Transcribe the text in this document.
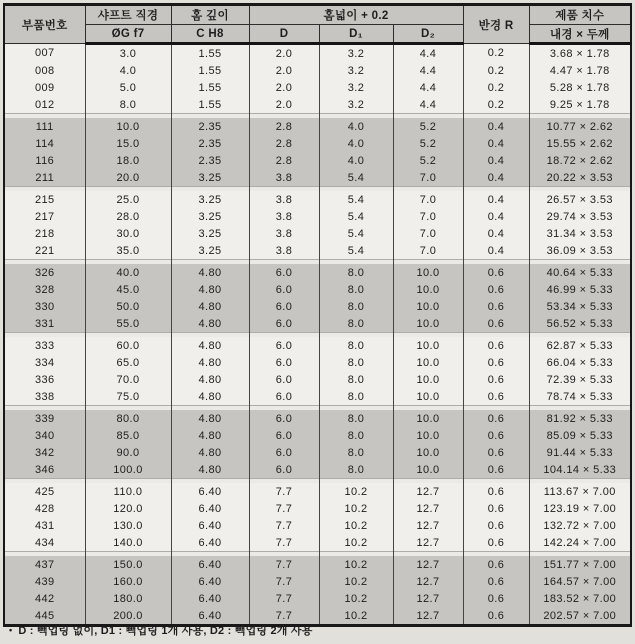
부품번호	샤프트 직경	홈 깊이	홈넓이 + 0.2			반경 R	제품 치수
	ØG f7	C H8	D	D₁	D₂		내경 × 두께
007	3.0	1.55	2.0	3.2	4.4	0.2	3.68 × 1.78
008	4.0	1.55	2.0	3.2	4.4	0.2	4.47 × 1.78
009	5.0	1.55	2.0	3.2	4.4	0.2	5.28 × 1.78
012	8.0	1.55	2.0	3.2	4.4	0.2	9.25 × 1.78

111	10.0	2.35	2.8	4.0	5.2	0.4	10.77 × 2.62
114	15.0	2.35	2.8	4.0	5.2	0.4	15.55 × 2.62
116	18.0	2.35	2.8	4.0	5.2	0.4	18.72 × 2.62
211	20.0	3.25	3.8	5.4	7.0	0.4	20.22 × 3.53

215	25.0	3.25	3.8	5.4	7.0	0.4	26.57 × 3.53
217	28.0	3.25	3.8	5.4	7.0	0.4	29.74 × 3.53
218	30.0	3.25	3.8	5.4	7.0	0.4	31.34 × 3.53
221	35.0	3.25	3.8	5.4	7.0	0.4	36.09 × 3.53

326	40.0	4.80	6.0	8.0	10.0	0.6	40.64 × 5.33
328	45.0	4.80	6.0	8.0	10.0	0.6	46.99 × 5.33
330	50.0	4.80	6.0	8.0	10.0	0.6	53.34 × 5.33
331	55.0	4.80	6.0	8.0	10.0	0.6	56.52 × 5.33

333	60.0	4.80	6.0	8.0	10.0	0.6	62.87 × 5.33
334	65.0	4.80	6.0	8.0	10.0	0.6	66.04 × 5.33
336	70.0	4.80	6.0	8.0	10.0	0.6	72.39 × 5.33
338	75.0	4.80	6.0	8.0	10.0	0.6	78.74 × 5.33

339	80.0	4.80	6.0	8.0	10.0	0.6	81.92 × 5.33
340	85.0	4.80	6.0	8.0	10.0	0.6	85.09 × 5.33
342	90.0	4.80	6.0	8.0	10.0	0.6	91.44 × 5.33
346	100.0	4.80	6.0	8.0	10.0	0.6	104.14 × 5.33

425	110.0	6.40	7.7	10.2	12.7	0.6	113.67 × 7.00
428	120.0	6.40	7.7	10.2	12.7	0.6	123.19 × 7.00
431	130.0	6.40	7.7	10.2	12.7	0.6	132.72 × 7.00
434	140.0	6.40	7.7	10.2	12.7	0.6	142.24 × 7.00

437	150.0	6.40	7.7	10.2	12.7	0.6	151.77 × 7.00
439	160.0	6.40	7.7	10.2	12.7	0.6	164.57 × 7.00
442	180.0	6.40	7.7	10.2	12.7	0.6	183.52 × 7.00
445	200.0	6.40	7.7	10.2	12.7	0.6	202.57 × 7.00
• D : 빽업링 없이, D1 : 빽업링 1개 사용, D2 : 빽업링 2개 사용
